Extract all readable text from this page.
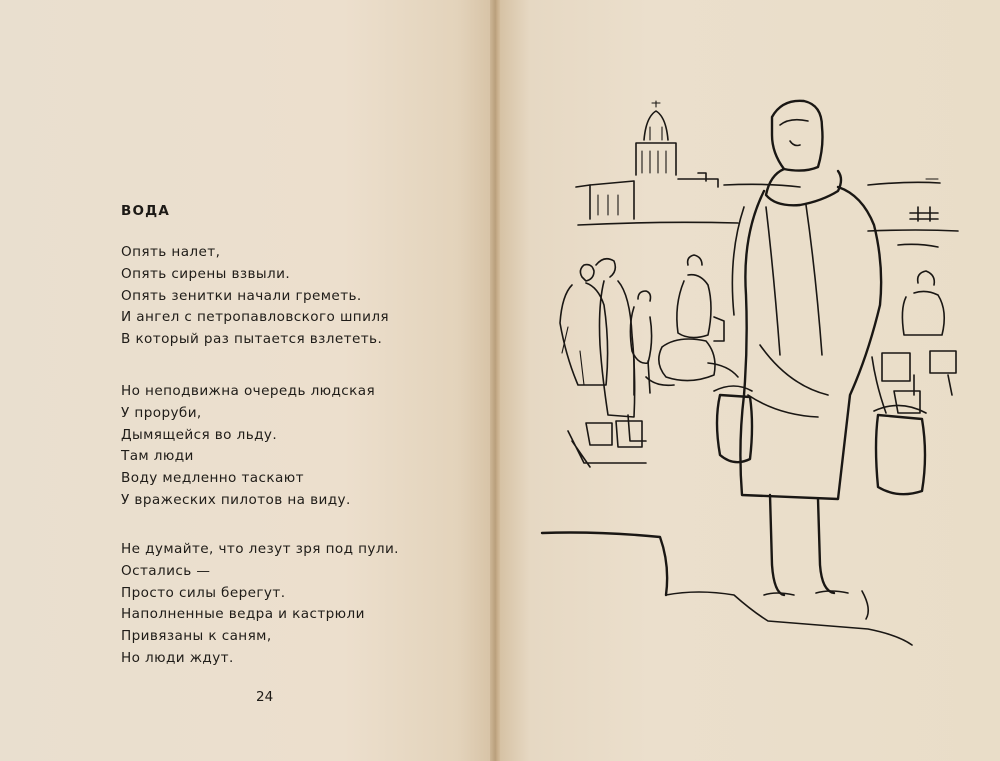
ВОДА
Опять налет,
Опять сирены взвыли.
Опять зенитки начали греметь.
И ангел с петропавловского шпиля
В который раз пытается взлететь.
Но неподвижна очередь людская
У проруби,
Дымящейся во льду.
Там люди
Воду медленно таскают
У вражеских пилотов на виду.
Не думайте, что лезут зря под пули.
Остались —
Просто силы берегут.
Наполненные ведра и кастрюли
Привязаны к саням,
Но люди ждут.
24
